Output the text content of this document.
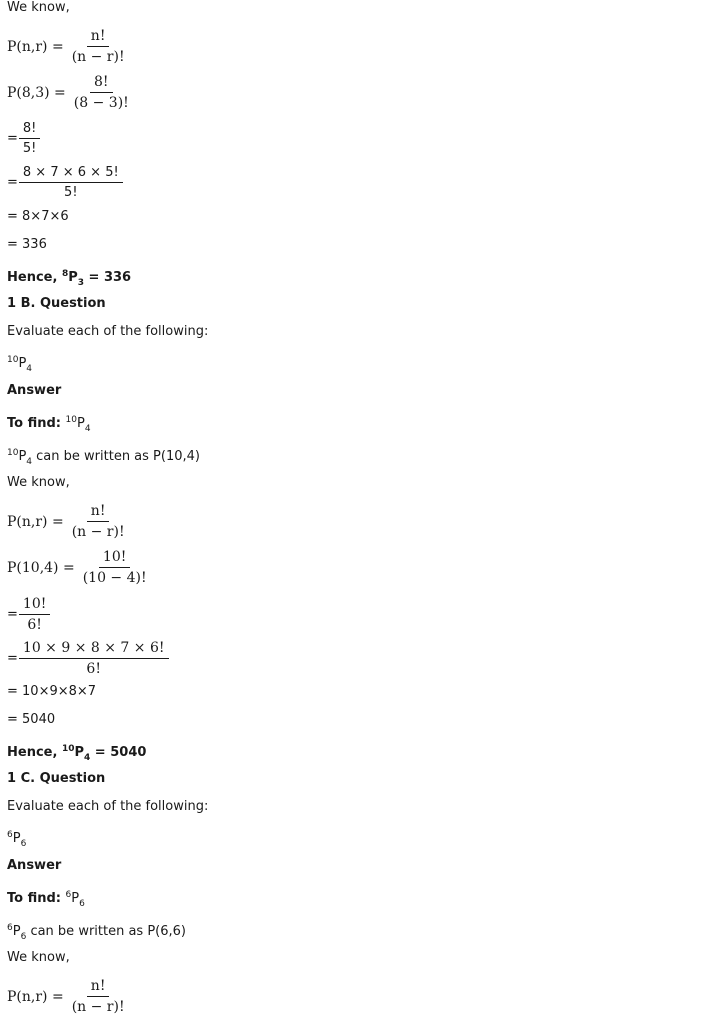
We know,
$P(n,r) = \frac{n!}{(n - r)!}$
$P(8,3) = \frac{8!}{(8 - 3)!}$
= $\frac{8!}{5!}$
= $\frac{8 \times 7 \times 6 \times 5!}{5!}$
= 8×7×6
= 336
Hence, $^8P_3 = 336$
1 B. Question
Evaluate each of the following:
$^{10}P_4$
Answer
To find: $^{10}P_4$
$^{10}P_4$ can be written as P(10,4)
We know,
$P(n,r) = \frac{n!}{(n - r)!}$
$P(10,4) = \frac{10!}{(10 - 4)!}$
= $\frac{10!}{6!}$
= $\frac{10 \times 9 \times 8 \times 7 \times 6!}{6!}$
= 10×9×8×7
= 5040
Hence, $^{10}P_4 = 5040$
1 C. Question
Evaluate each of the following:
$^6P_6$
Answer
To find: $^6P_6$
$^6P_6$ can be written as P(6,6)
We know,
$P(n,r) = \frac{n!}{(n - r)!}$
